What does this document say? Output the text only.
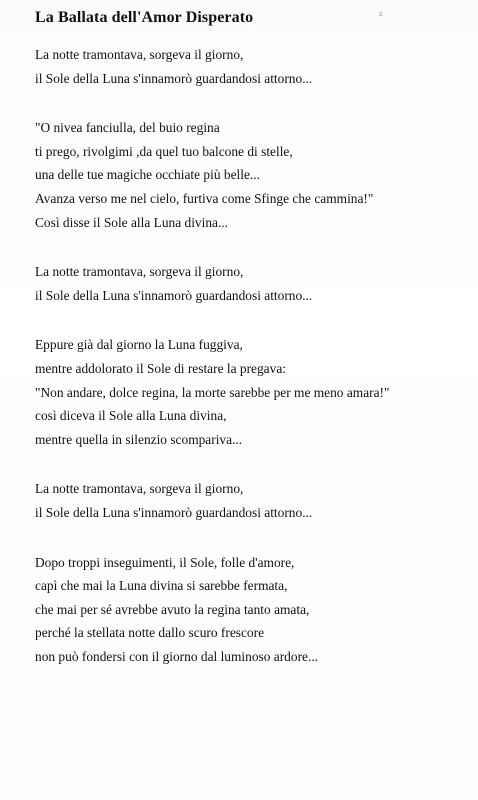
La Ballata dell'Amor Disperato	z
La notte tramontava, sorgeva il giorno,
il Sole della Luna s'innamorò guardandosi attorno...
"O nivea fanciulla, del buio regina
ti prego, rivolgimi ,da quel tuo balcone di stelle,
una delle tue magiche occhiate più belle...
Avanza verso me nel cielo, furtiva come Sfinge che cammina!"
Così disse il Sole alla Luna divina...
La notte tramontava, sorgeva il giorno,
il Sole della Luna s'innamorò guardandosi attorno...
Eppure già dal giorno la Luna fuggiva,
mentre addolorato il Sole di restare la pregava:
"Non andare, dolce regina, la morte sarebbe per me meno amara!"
così diceva il Sole alla Luna divina,
mentre quella in silenzio scompariva...
La notte tramontava, sorgeva il giorno,
il Sole della Luna s'innamorò guardandosi attorno...
Dopo troppi inseguimenti, il Sole, folle d'amore,
capì che mai la Luna divina si sarebbe fermata,
che mai per sé avrebbe avuto la regina tanto amata,
perché la stellata notte dallo scuro frescore
non può fondersi con il giorno dal luminoso ardore...
